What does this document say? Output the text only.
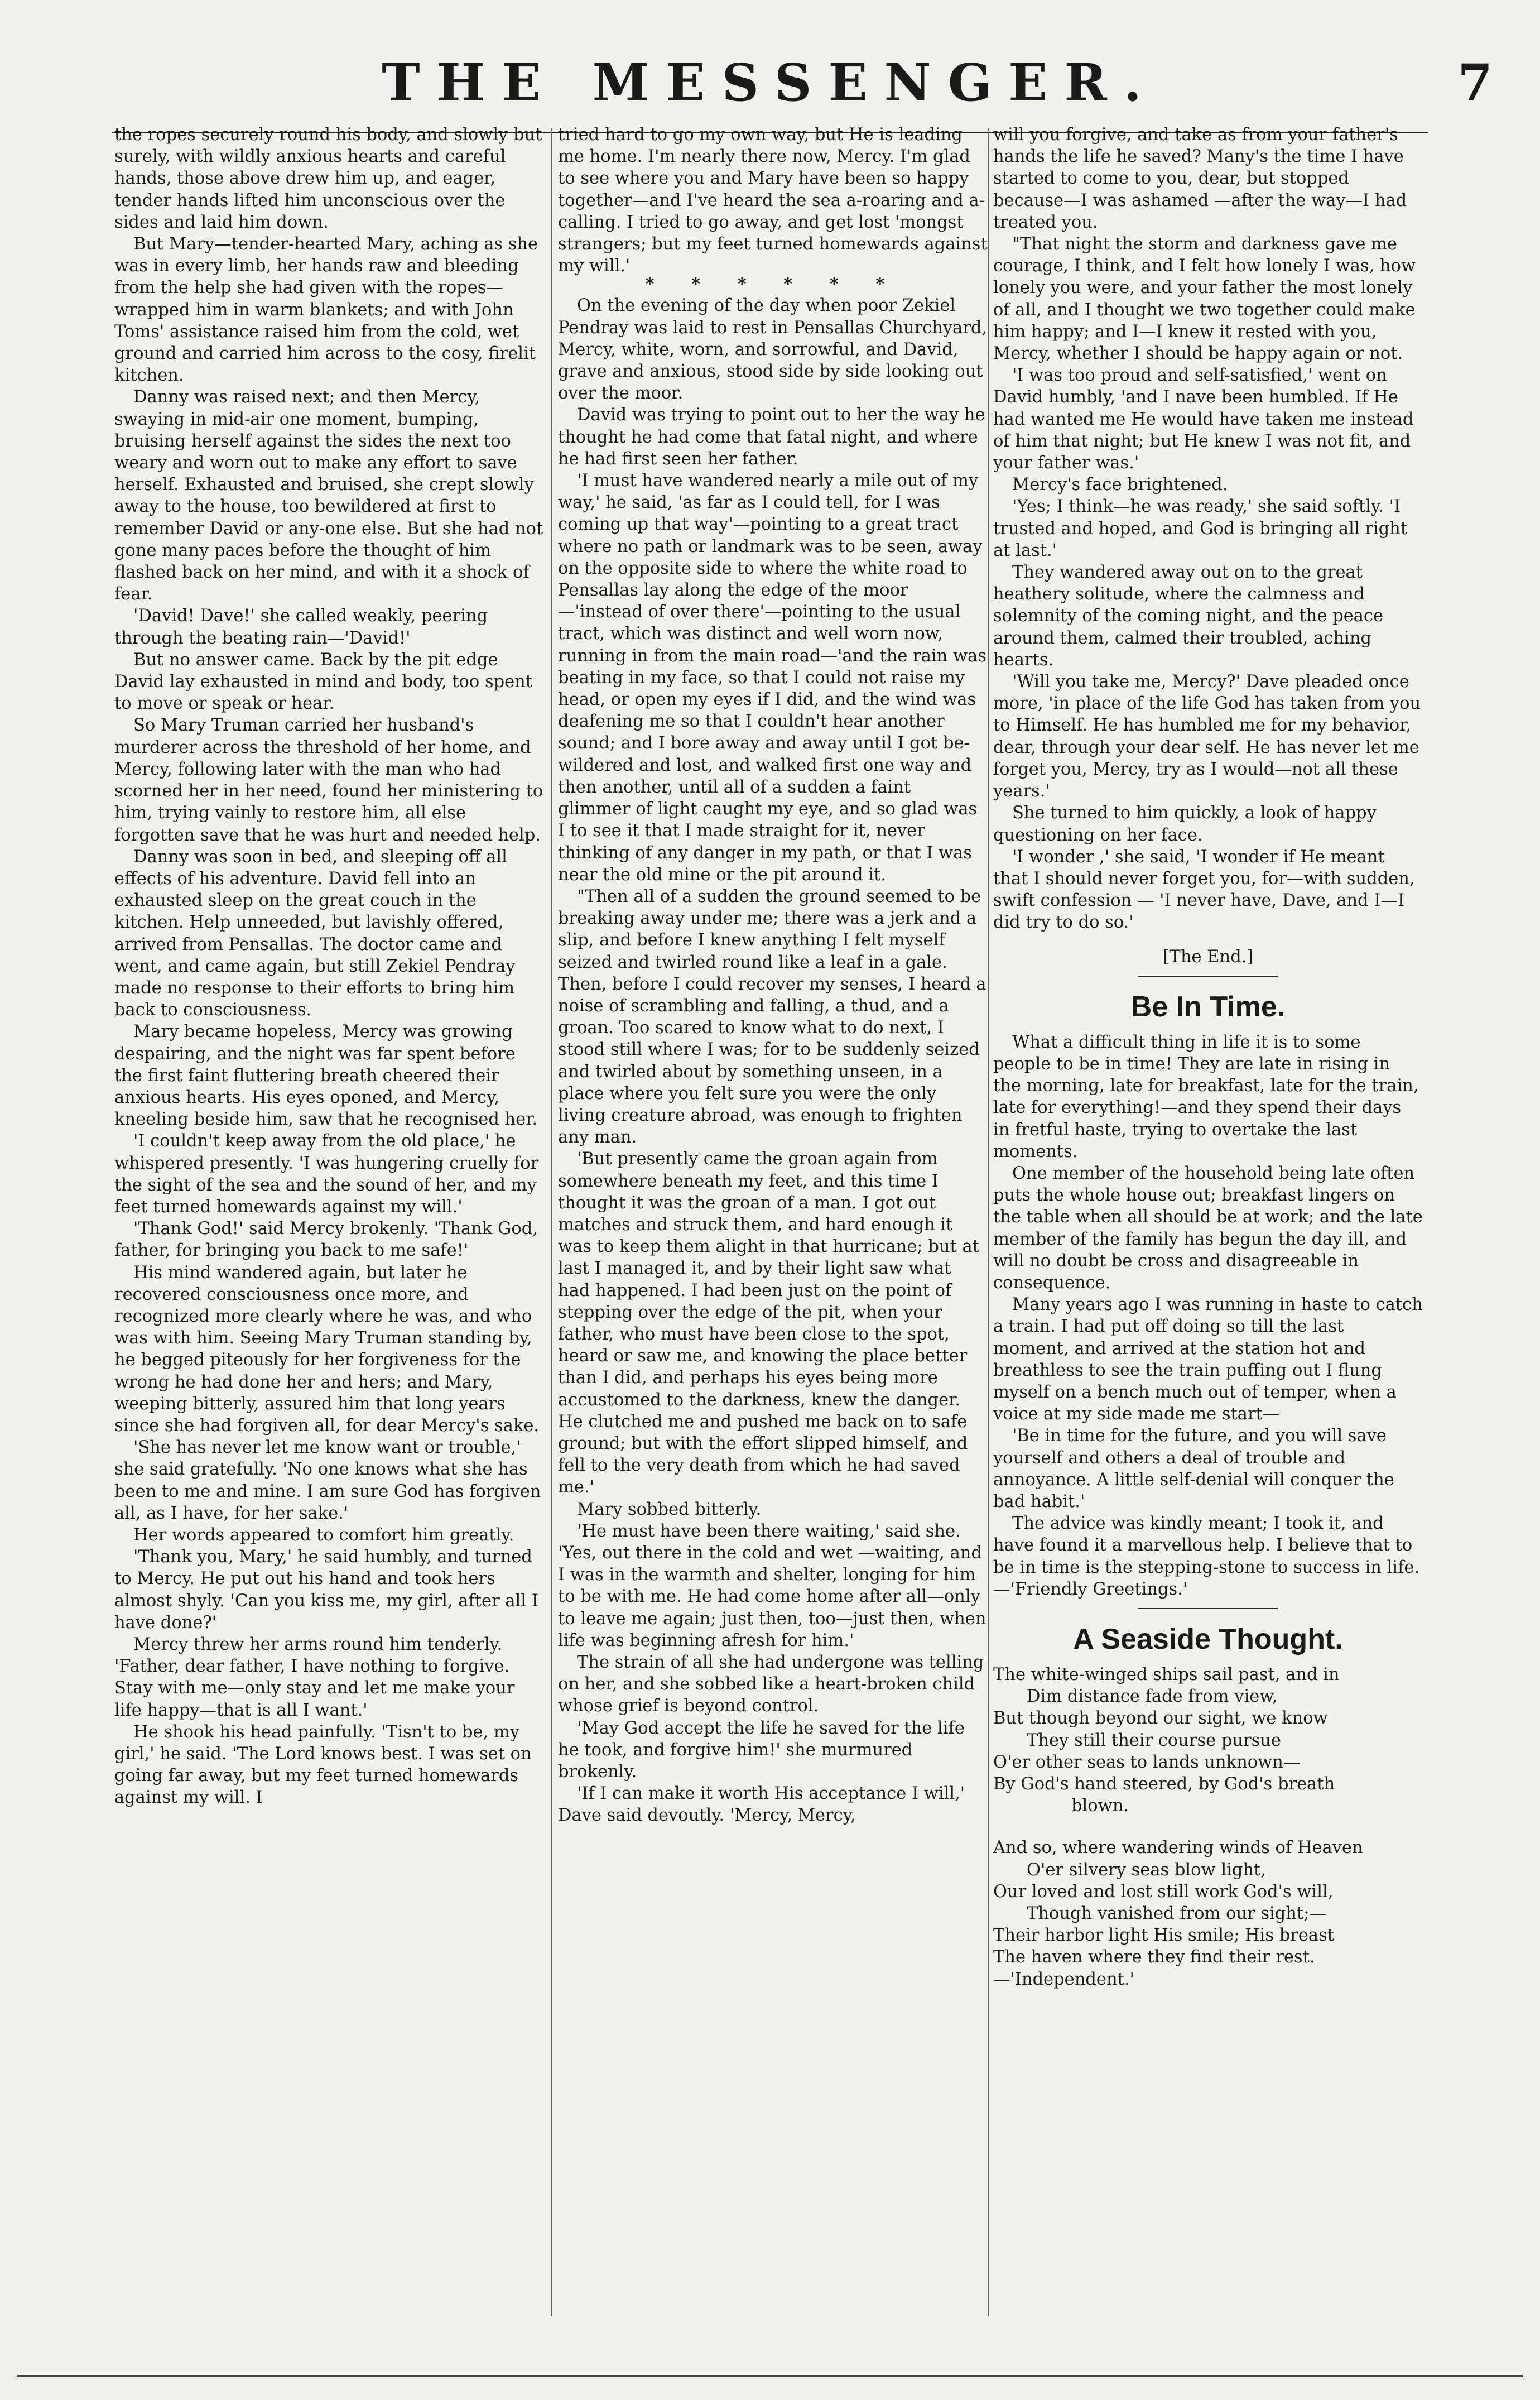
THE MESSENGER.	7

the ropes securely round his body, and slowly but surely, with wildly anxious hearts and careful hands, those above drew him up, and eager, tender hands lifted him unconscious over the sides and laid him down.

But Mary—tender-hearted Mary, aching as she was in every limb, her hands raw and bleeding from the help she had given with the ropes—wrapped him in warm blankets; and with John Toms' assistance raised him from the cold, wet ground and carried him across to the cosy, firelit kitchen.

Danny was raised next; and then Mercy, swaying in mid-air one moment, bumping, bruising herself against the sides the next too weary and worn out to make any effort to save herself. Exhausted and bruised, she crept slowly away to the house, too bewildered at first to remember David or any-one else. But she had not gone many paces before the thought of him flashed back on her mind, and with it a shock of fear.

'David! Dave!' she called weakly, peering through the beating rain—'David!'

But no answer came. Back by the pit edge David lay exhausted in mind and body, too spent to move or speak or hear.

So Mary Truman carried her husband's murderer across the threshold of her home, and Mercy, following later with the man who had scorned her in her need, found her ministering to him, trying vainly to restore him, all else forgotten save that he was hurt and needed help.

Danny was soon in bed, and sleeping off all effects of his adventure. David fell into an exhausted sleep on the great couch in the kitchen. Help unneeded, but lavishly offered, arrived from Pensallas. The doctor came and went, and came again, but still Zekiel Pendray made no response to their efforts to bring him back to consciousness.

Mary became hopeless, Mercy was growing despairing, and the night was far spent before the first faint fluttering breath cheered their anxious hearts. His eyes oponed, and Mercy, kneeling beside him, saw that he recognised her.

'I couldn't keep away from the old place,' he whispered presently. 'I was hungering cruelly for the sight of the sea and the sound of her, and my feet turned homewards against my will.'

'Thank God!' said Mercy brokenly. 'Thank God, father, for bringing you back to me safe!'

His mind wandered again, but later he recovered consciousness once more, and recognized more clearly where he was, and who was with him. Seeing Mary Truman standing by, he begged piteously for her forgiveness for the wrong he had done her and hers; and Mary, weeping bitterly, assured him that long years since she had forgiven all, for dear Mercy's sake.

'She has never let me know want or trouble,' she said gratefully. 'No one knows what she has been to me and mine. I am sure God has forgiven all, as I have, for her sake.'

Her words appeared to comfort him greatly.

'Thank you, Mary,' he said humbly, and turned to Mercy. He put out his hand and took hers almost shyly. 'Can you kiss me, my girl, after all I have done?'

Mercy threw her arms round him tenderly. 'Father, dear father, I have nothing to forgive. Stay with me—only stay and let me make your life happy—that is all I want.'

He shook his head painfully. 'Tisn't to be, my girl,' he said. 'The Lord knows best. I was set on going far away, but my feet turned homewards against my will. I

tried hard to go my own way, but He is leading me home. I'm nearly there now, Mercy. I'm glad to see where you and Mary have been so happy together—and I've heard the sea a-roaring and a-calling. I tried to go away, and get lost 'mongst strangers; but my feet turned homewards against my will.'

* * * * * *

On the evening of the day when poor Zekiel Pendray was laid to rest in Pensallas Churchyard, Mercy, white, worn, and sorrowful, and David, grave and anxious, stood side by side looking out over the moor.

David was trying to point out to her the way he thought he had come that fatal night, and where he had first seen her father.

'I must have wandered nearly a mile out of my way,' he said, 'as far as I could tell, for I was coming up that way'—pointing to a great tract where no path or landmark was to be seen, away on the opposite side to where the white road to Pensallas lay along the edge of the moor—'instead of over there'—pointing to the usual tract, which was distinct and well worn now, running in from the main road—'and the rain was beating in my face, so that I could not raise my head, or open my eyes if I did, and the wind was deafening me so that I couldn't hear another sound; and I bore away and away until I got be-wildered and lost, and walked first one way and then another, until all of a sudden a faint glimmer of light caught my eye, and so glad was I to see it that I made straight for it, never thinking of any danger in my path, or that I was near the old mine or the pit around it.

"Then all of a sudden the ground seemed to be breaking away under me; there was a jerk and a slip, and before I knew anything I felt myself seized and twirled round like a leaf in a gale. Then, before I could recover my senses, I heard a noise of scrambling and falling, a thud, and a groan. Too scared to know what to do next, I stood still where I was; for to be suddenly seized and twirled about by something unseen, in a place where you felt sure you were the only living creature abroad, was enough to frighten any man.

'But presently came the groan again from somewhere beneath my feet, and this time I thought it was the groan of a man. I got out matches and struck them, and hard enough it was to keep them alight in that hurricane; but at last I managed it, and by their light saw what had happened. I had been just on the point of stepping over the edge of the pit, when your father, who must have been close to the spot, heard or saw me, and knowing the place better than I did, and perhaps his eyes being more accustomed to the darkness, knew the danger. He clutched me and pushed me back on to safe ground; but with the effort slipped himself, and fell to the very death from which he had saved me.'

Mary sobbed bitterly.

'He must have been there waiting,' said she. 'Yes, out there in the cold and wet —waiting, and I was in the warmth and shelter, longing for him to be with me. He had come home after all—only to leave me again; just then, too—just then, when life was beginning afresh for him.'

The strain of all she had undergone was telling on her, and she sobbed like a heart-broken child whose grief is beyond control.

'May God accept the life he saved for the life he took, and forgive him!' she murmured brokenly.

'If I can make it worth His acceptance I will,' Dave said devoutly. 'Mercy, Mercy,

will you forgive, and take as from your father's hands the life he saved? Many's the time I have started to come to you, dear, but stopped because—I was ashamed —after the way—I had treated you.

"That night the storm and darkness gave me courage, I think, and I felt how lonely I was, how lonely you were, and your father the most lonely of all, and I thought we two together could make him happy; and I—I knew it rested with you, Mercy, whether I should be happy again or not.

'I was too proud and self-satisfied,' went on David humbly, 'and I nave been humbled. If He had wanted me He would have taken me instead of him that night; but He knew I was not fit, and your father was.'

Mercy's face brightened.

'Yes; I think—he was ready,' she said softly. 'I trusted and hoped, and God is bringing all right at last.'

They wandered away out on to the great heathery solitude, where the calmness and solemnity of the coming night, and the peace around them, calmed their troubled, aching hearts.

'Will you take me, Mercy?' Dave pleaded once more, 'in place of the life God has taken from you to Himself. He has humbled me for my behavior, dear, through your dear self. He has never let me forget you, Mercy, try as I would—not all these years.'

She turned to him quickly, a look of happy questioning on her face.

'I wonder ,' she said, 'I wonder if He meant that I should never forget you, for—with sudden, swift confession — 'I never have, Dave, and I—I did try to do so.'

[The End.]

Be In Time.

What a difficult thing in life it is to some people to be in time! They are late in rising in the morning, late for breakfast, late for the train, late for everything!—and they spend their days in fretful haste, trying to overtake the last moments.

One member of the household being late often puts the whole house out; breakfast lingers on the table when all should be at work; and the late member of the family has begun the day ill, and will no doubt be cross and disagreeable in consequence.

Many years ago I was running in haste to catch a train. I had put off doing so till the last moment, and arrived at the station hot and breathless to see the train puffing out I flung myself on a bench much out of temper, when a voice at my side made me start—

'Be in time for the future, and you will save yourself and others a deal of trouble and annoyance. A little self-denial will conquer the bad habit.'

The advice was kindly meant; I took it, and have found it a marvellous help. I believe that to be in time is the stepping-stone to success in life.—'Friendly Greetings.'

A Seaside Thought.

The white-winged ships sail past, and in

Dim distance fade from view,

But though beyond our sight, we know

They still their course pursue

O'er other seas to lands unknown—

By God's hand steered, by God's breath

blown.

And so, where wandering winds of Heaven

O'er silvery seas blow light,

Our loved and lost still work God's will,

Though vanished from our sight;—

Their harbor light His smile; His breast

The haven where they find their rest.

—'Independent.'
